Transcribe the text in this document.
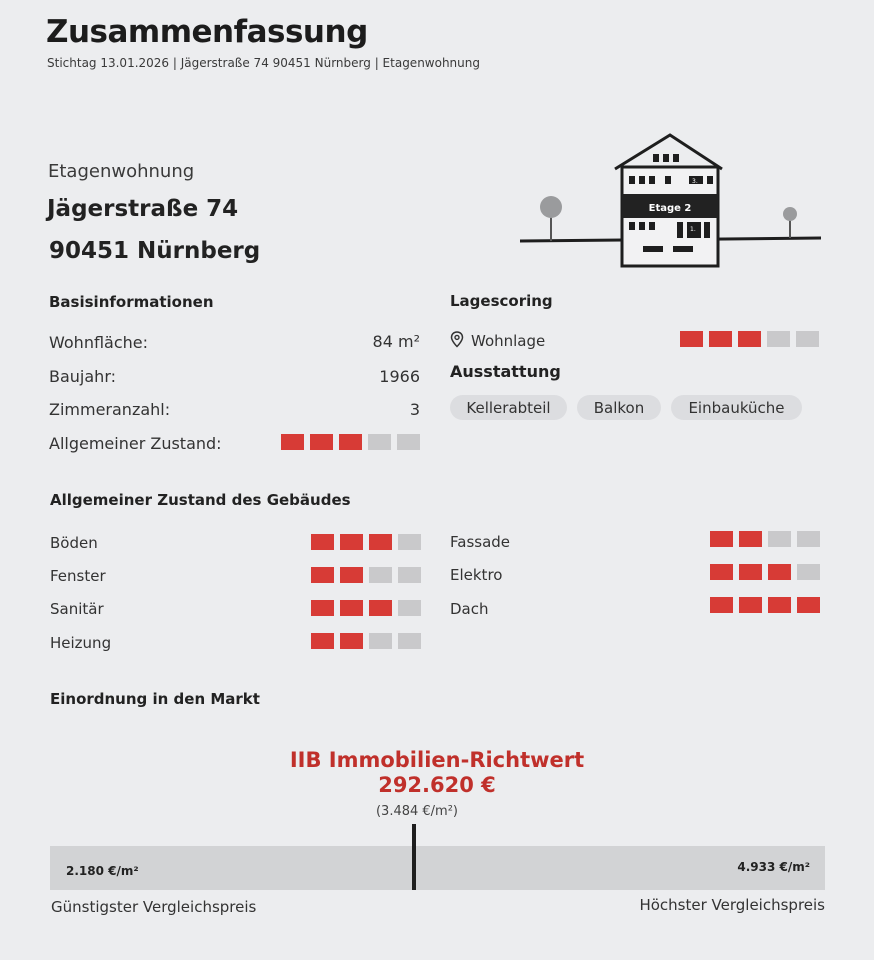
Zusammenfassung
Stichtag 13.01.2026 | Jägerstraße 74 90451 Nürnberg | Etagenwohnung
Etagenwohnung
Jägerstraße 74
90451 Nürnberg
3.
Etage 2
1.
Basisinformationen
Wohnfläche:	84 m²
Baujahr:	1966
Zimmeranzahl:	3
Allgemeiner Zustand:
Lagescoring
Wohnlage
Ausstattung
Kellerabteil	Balkon	Einbauküche
Allgemeiner Zustand des Gebäudes
Böden
Fenster
Sanitär
Heizung
Fassade
Elektro
Dach
Einordnung in den Markt
IIB Immobilien-Richtwert
292.620 €
(3.484 €/m²)
2.180 €/m²	4.933 €/m²
Günstigster Vergleichspreis	Höchster Vergleichspreis
